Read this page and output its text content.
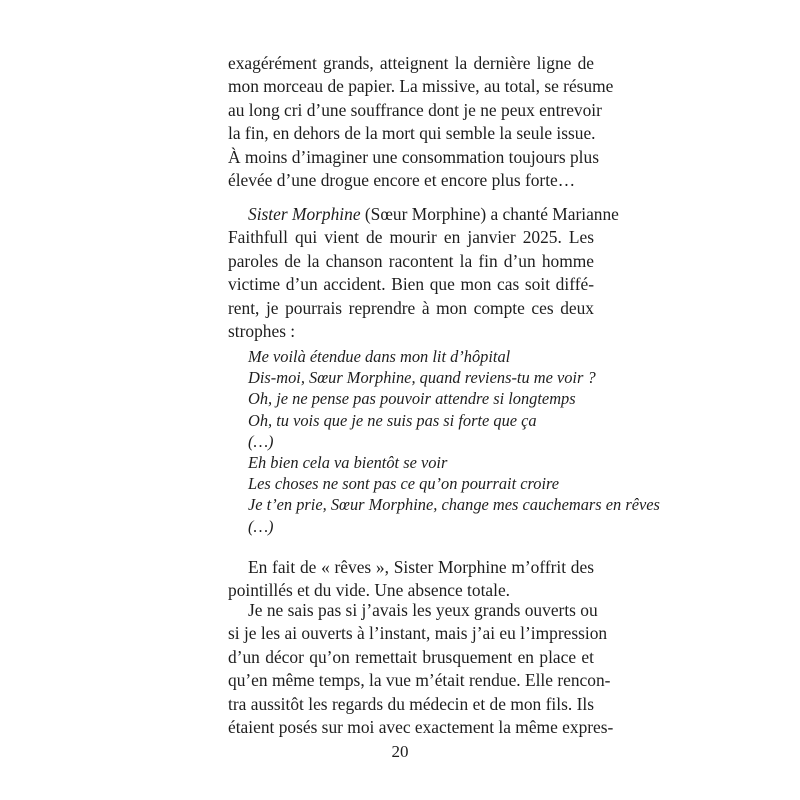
exagérément grands, atteignent la dernière ligne de
mon morceau de papier. La missive, au total, se résume
au long cri d’une souffrance dont je ne peux entrevoir
la fin, en dehors de la mort qui semble la seule issue.
À moins d’imaginer une consommation toujours plus
élevée d’une drogue encore et encore plus forte…
Sister Morphine (Sœur Morphine) a chanté Marianne
Faithfull qui vient de mourir en janvier 2025. Les
paroles de la chanson racontent la fin d’un homme
victime d’un accident. Bien que mon cas soit diffé-
rent, je pourrais reprendre à mon compte ces deux
strophes :
Me voilà étendue dans mon lit d’hôpital
Dis-moi, Sœur Morphine, quand reviens-tu me voir ?
Oh, je ne pense pas pouvoir attendre si longtemps
Oh, tu vois que je ne suis pas si forte que ça
(…)
Eh bien cela va bientôt se voir
Les choses ne sont pas ce qu’on pourrait croire
Je t’en prie, Sœur Morphine, change mes cauchemars en rêves
(…)
En fait de « rêves », Sister Morphine m’offrit des
pointillés et du vide. Une absence totale.
Je ne sais pas si j’avais les yeux grands ouverts ou
si je les ai ouverts à l’instant, mais j’ai eu l’impression
d’un décor qu’on remettait brusquement en place et
qu’en même temps, la vue m’était rendue. Elle rencon-
tra aussitôt les regards du médecin et de mon fils. Ils
étaient posés sur moi avec exactement la même expres-
20
